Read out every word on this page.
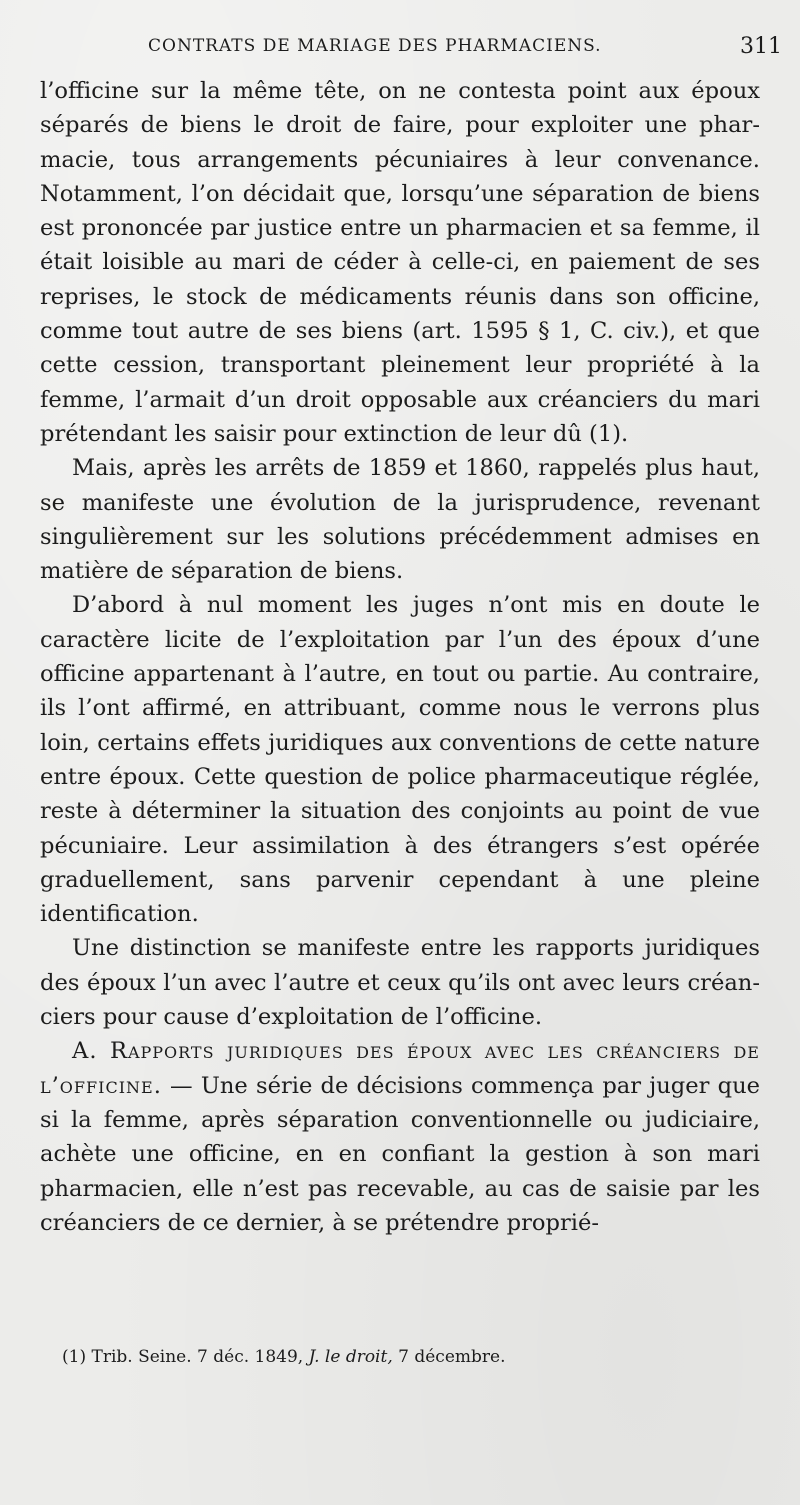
CONTRATS DE MARIAGE DES PHARMACIENS.	311

l’officine sur la même tête, on ne contesta point aux époux séparés de biens le droit de faire, pour exploiter une pharmacie, tous arrangements pécuniaires à leur convenance. Notamment, l’on décidait que, lorsqu’une séparation de biens est prononcée par justice entre un pharmacien et sa femme, il était loisible au mari de céder à celle-ci, en paiement de ses reprises, le stock de médicaments réunis dans son officine, comme tout autre de ses biens (art. 1595 § 1, C. civ.), et que cette cession, transportant pleinement leur propriété à la femme, l’armait d’un droit opposable aux créanciers du mari prétendant les saisir pour extinction de leur dû (1).

Mais, après les arrêts de 1859 et 1860, rappelés plus haut, se manifeste une évolution de la jurisprudence, revenant singulièrement sur les solutions précédemment admises en matière de séparation de biens.

D’abord à nul moment les juges n’ont mis en doute le caractère licite de l’exploitation par l’un des époux d’une officine appartenant à l’autre, en tout ou partie. Au contraire, ils l’ont affirmé, en attribuant, comme nous le verrons plus loin, certains effets juridiques aux conventions de cette nature entre époux. Cette question de police pharmaceutique réglée, reste à déterminer la situation des conjoints au point de vue pécuniaire. Leur assimilation à des étrangers s’est opérée graduellement, sans parvenir cependant à une pleine identification.

Une distinction se manifeste entre les rapports juridiques des époux l’un avec l’autre et ceux qu’ils ont avec leurs créanciers pour cause d’exploitation de l’officine.

A. Rapports juridiques des époux avec les créanciers de l’officine. — Une série de décisions commença par juger que si la femme, après séparation conventionnelle ou judiciaire, achète une officine, en en confiant la gestion à son mari pharmacien, elle n’est pas recevable, au cas de saisie par les créanciers de ce dernier, à se prétendre proprié-

(1) Trib. Seine. 7 déc. 1849, J. le droit, 7 décembre.
